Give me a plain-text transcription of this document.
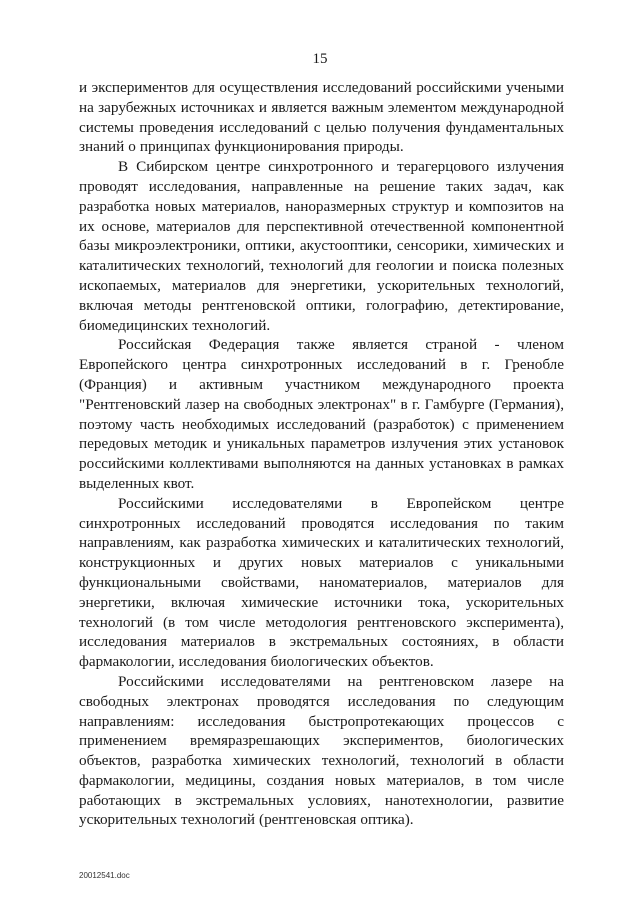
15

и экспериментов для осуществления исследований российскими учеными на зарубежных источниках и является важным элементом международной системы проведения исследований с целью получения фундаментальных знаний о принципах функционирования природы.

В Сибирском центре синхротронного и терагерцового излучения проводят исследования, направленные на решение таких задач, как разработка новых материалов, наноразмерных структур и композитов на их основе, материалов для перспективной отечественной компонентной базы микроэлектроники, оптики, акустооптики, сенсорики, химических и каталитических технологий, технологий для геологии и поиска полезных ископаемых, материалов для энергетики, ускорительных технологий, включая методы рентгеновской оптики, голографию, детектирование, биомедицинских технологий.

Российская Федерация также является страной - членом Европейского центра синхротронных исследований в г. Гренобле (Франция) и активным участником международного проекта "Рентгеновский лазер на свободных электронах" в г. Гамбурге (Германия), поэтому часть необходимых исследований (разработок) с применением передовых методик и уникальных параметров излучения этих установок российскими коллективами выполняются на данных установках в рамках выделенных квот.

Российскими исследователями в Европейском центре синхротронных исследований проводятся исследования по таким направлениям, как разработка химических и каталитических технологий, конструкционных и других новых материалов с уникальными функциональными свойствами, наноматериалов, материалов для энергетики, включая химические источники тока, ускорительных технологий (в том числе методология рентгеновского эксперимента), исследования материалов в экстремальных состояниях, в области фармакологии, исследования биологических объектов.

Российскими исследователями на рентгеновском лазере на свободных электронах проводятся исследования по следующим направлениям: исследования быстропротекающих процессов с применением времяразрешающих экспериментов, биологических объектов, разработка химических технологий, технологий в области фармакологии, медицины, создания новых материалов, в том числе работающих в экстремальных условиях, нанотехнологии, развитие ускорительных технологий (рентгеновская оптика).

20012541.doc
